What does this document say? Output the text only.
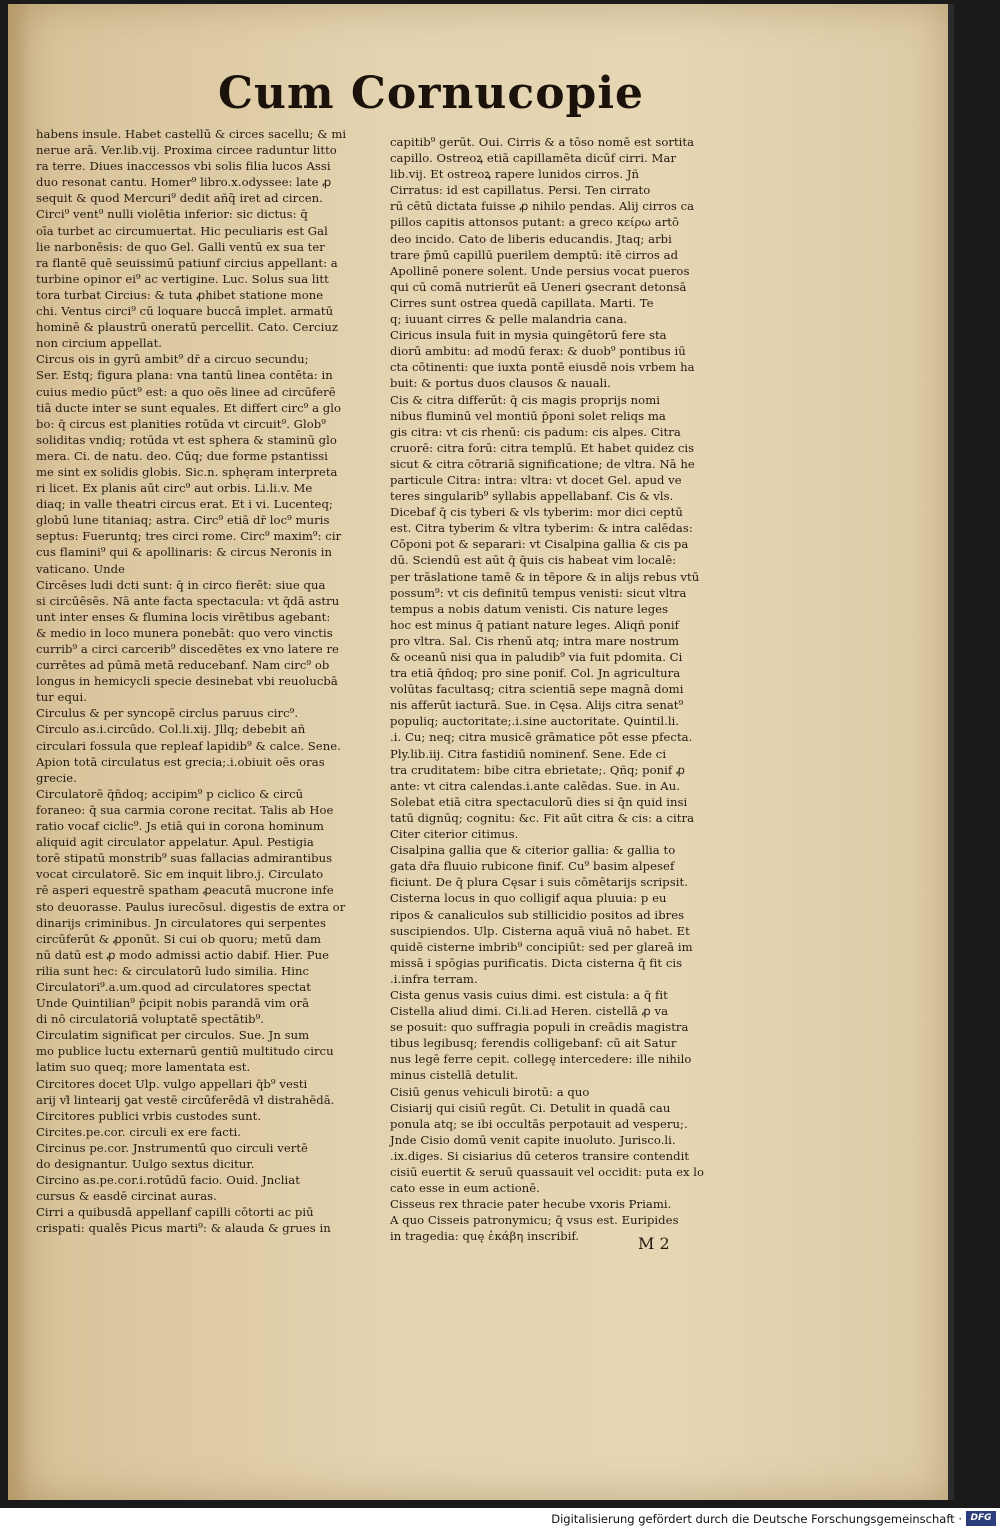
Cum Cornucopie

habens insule. Habet castellū & circes sacellu; & mi
nerue arā. Ver.lib.vij. Proxima circee raduntur litto
ra terre. Diues inaccessos vbi solis filia lucos Assi
duo resonat cantu. Homer⁹ libro.x.odyssee: late ꝓ
sequit & quod Mercuri⁹ dedit añq̃ iret ad circen.
Circi⁹ vent⁹ nulli violētia inferior: sic dictus: q̄
oīa turbet ac circumuertat. Hic peculiaris est Gal
lie narbonēsis: de quo Gel. Galli ventū ex sua ter
ra flantē quē seuissimū patiunf circius appellant: a
turbine opinor ei⁹ ac vertigine. Luc. Solus sua litt
tora turbat Circius: & tuta ꝓhibet statione mone
chi. Ventus circi⁹ cū loquare buccā implet. armatū
hominē & plaustrū oneratū percellit. Cato. Cerciuz
non circium appellat.
Circus ois in gyrū ambit⁹ dr̄ a circuo secundu;
Ser. Estq; figura plana: vna tantū linea contēta: in
cuius medio pūct⁹ est: a quo oēs linee ad circūferē
tiā ducte inter se sunt equales. Et differt circ⁹ a glo
bo: q̄ circus est planities rotūda vt circuit⁹. Glob⁹
soliditas vndiq; rotūda vt est sphera & staminū glo
mera. Ci. de natu. deo. Cūq; due forme pstantissi
me sint ex solidis globis. Sic.n. sphęram interpreta
ri licet. Ex planis aūt circ⁹ aut orbis. Li.li.v. Me
diaq; in valle theatri circus erat. Et i vi. Lucenteq;
globū lune titaniaq; astra. Circ⁹ etiā dr̄ loc⁹ muris
septus: Fueruntq; tres circi rome. Circ⁹ maxim⁹: cir
cus flamini⁹ qui & apollinaris: & circus Neronis in
vaticano. Unde
Circēses ludi dcti sunt: q̄ in circo fierēt: siue qua
si circūēsēs. Nā ante facta spectacula: vt q̄dā astru
unt inter enses & flumina locis virētibus agebant:
& medio in loco munera ponebāt: quo vero vinctis
currib⁹ a circi carcerib⁹ discedētes ex vno latere re
currētes ad pūmā metā reducebanf. Nam circ⁹ ob
longus in hemicycli specie desinebat vbi reuolucbā
tur equi.
Circulus & per syncopē circlus paruus circ⁹.
Circulo as.i.circūdo. Col.li.xij. Jllq; debebit añ
circulari fossula que repleaf lapidib⁹ & calce. Sene.
Apion totā circulatus est grecia;.i.obiuit oēs oras
grecie.
Circulatorē q̄n̄doq; accipim⁹ p ciclico & circū
foraneo: q̄ sua carmia corone recitat. Talis ab Hoe
ratio vocaf ciclic⁹. Js etiā qui in corona hominum
aliquid agit circulator appelatur. Apul. Pestigia
torē stipatū monstrib⁹ suas fallacias admirantibus
vocat circulatorē. Sic em inquit libro.j. Circulato
rē asperi equestrē spatham ꝓeacutā mucrone infe
sto deuorasse. Paulus iurecōsul. digestis de extra or
dinarijs criminibus. Jn circulatores qui serpentes
circūferūt & ꝓponūt. Si cui ob quoru; metū dam
nū datū est ꝓ modo admissi actio dabif. Hier. Pue
rilia sunt hec: & circulatorū ludo similia. Hinc
Circulatori⁹.a.um.quod ad circulatores spectat
Unde Quintilian⁹ p̄cipit nobis parandā vim orā
di nō circulatoriā voluptatē spectātib⁹.
Circulatim significat per circulos. Sue. Jn sum
mo publice luctu externarū gentiū multitudo circu
latim suo queq; more lamentata est.
Circitores docet Ulp. vulgo appellari q̄b⁹ vesti
arij vł̄ lintearij ꝯat vestē circūferēdā vł̄ distrahēdā.
Circitores publici vrbis custodes sunt.
Circites.pe.cor. circuli ex ere facti.
Circinus pe.cor. Jnstrumentū quo circuli vertē
do designantur. Uulgo sextus dicitur.
Circino as.pe.cor.i.rotūdū facio. Ouid. Jncliat
cursus & easdē circinat auras.
Cirri a quibusdā appellanf capilli cōtorti ac piū
crispati: qualēs Picus marti⁹: & alauda & grues in

capitib⁹ gerūt. Oui. Cirris & a tōso nomē est sortita
capillo. Ostreoꝝ etiā capillamēta dicūf cirri. Mar
lib.vij. Et ostreoꝝ rapere lunidos cirros. Jñ
Cirratus: id est capillatus. Persi. Ten cirrato
rū cētū dictata fuisse ꝓ nihilo pendas. Alij cirros ca
pillos capitis attonsos putant: a greco κείρω artō
deo incido. Cato de liberis educandis. Jtaq; arbi
trare p̄mū capillū puerilem demptū: itē cirros ad
Apollinē ponere solent. Unde persius vocat pueros
qui cū comā nutrierūt eā Ueneri ꝯsecrant detonsā
Cirres sunt ostrea quedā capillata. Marti. Te
q; iuuant cirres & pelle malandria cana.
Ciricus insula fuit in mysia quingētorū fere sta
diorū ambitu: ad modū ferax: & duob⁹ pontibus iū
cta cōtinenti: que iuxta pontē eiusdē nois vrbem ha
buit: & portus duos clausos & nauali.
Cis & citra differūt: q̄ cis magis proprijs nomi
nibus fluminū vel montiū p̄poni solet reliqs ma
gis citra: vt cis rhenū: cis padum: cis alpes. Citra
cruorē: citra forū: citra templū. Et habet quidez cis
sicut & citra cōtrariā significatione; de vltra. Nā he
particule Citra: intra: vltra: vt docet Gel. apud ve
teres singularib⁹ syllabis appellabanf. Cis & vls.
Dicebaf q̄ cis tyberi & vls tyberim: mor dici ceptū
est. Citra tyberim & vltra tyberim: & intra calēdas:
Cōponi pot & separari: vt Cisalpina gallia & cis pa
dū. Sciendū est aūt q̄ q̄uis cis habeat vim localē:
per trāslatione tamē & in tēpore & in alijs rebus vtū
possum⁹: vt cis definitū tempus venisti: sicut vltra
tempus a nobis datum venisti. Cis nature leges
hoc est minus q̄ patiant nature leges. Aliqñ ponif
pro vltra. Sal. Cis rhenū atq; intra mare nostrum
& oceanū nisi qua in paludib⁹ via fuit pdomita. Ci
tra etiā q̄n̄doq; pro sine ponif. Col. Jn agricultura
volūtas facultasq; citra scientiā sepe magnā domi
nis afferūt iacturā. Sue. in Cęsa. Alijs citra senat⁹
populiq; auctoritate;.i.sine auctoritate. Quintil.li.
.i. Cu; neq; citra musicē grāmatice pōt esse pfecta.
Ply.lib.iij. Citra fastidiū nominenf. Sene. Ede ci
tra cruditatem: bibe citra ebrietate;. Qñq; ponif ꝓ
ante: vt citra calendas.i.ante calēdas. Sue. in Au.
Solebat etiā citra spectaculorū dies si q̄n quid insi
tatū dignūq; cognitu: &c. Fit aūt citra & cis: a citra
Citer citerior citimus.
Cisalpina gallia que & citerior gallia: & gallia to
gata dr̄a fluuio rubicone finif. Cu⁹ basim alpesef
ficiunt. De q̄ plura Cęsar i suis cōmētarijs scripsit.
Cisterna locus in quo colligif aqua pluuia: p eu
ripos & canaliculos sub stillicidio positos ad ibres
suscipiendos. Ulp. Cisterna aquā viuā nō habet. Et
quidē cisterne imbrib⁹ concipiūt: sed per glareā im
missā i spōgias purificatis. Dicta cisterna q̄ fit cis
.i.infra terram.
Cista genus vasis cuius dimi. est cistula: a q̄ fit
Cistella aliud dimi. Ci.li.ad Heren. cistellā ꝓ va
se posuit: quo suffragia populi in creādis magistra
tibus legibusq; ferendis colligebanf: cū ait Satur
nus legē ferre cepit. collegę intercedere: ille nihilo
minus cistellā detulit.
Cisiū genus vehiculi birotū: a quo
Cisiarij qui cisiū regūt. Ci. Detulit in quadā cau
ponula atq; se ibi occultās perpotauit ad vesperu;.
Jnde Cisio domū venit capite inuoluto. Jurisco.li.
.ix.diges. Si cisiarius dū ceteros transire contendit
cisiū euertit & seruū quassauit vel occidit: puta ex lo
cato esse in eum actionē.
Cisseus rex thracie pater hecube vxoris Priami.
A quo Cisseis patronymicu; q̄ vsus est. Euripides
in tragedia: quę ἑκάβη inscribif.	M 2
Digitalisierung gefördert durch die Deutsche Forschungsgemeinschaft · DFG
